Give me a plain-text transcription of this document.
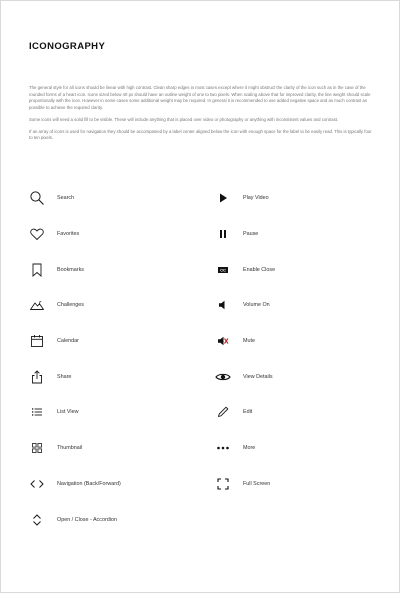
ICONOGRAPHY

The general style for all icons should be linear with high contrast. Clean sharp edges in most cases except where it might obstruct the clarity of the icon such as in the case of the rounded forms of a heart icon. Icons sized below 40 px should have an outline weight of one to two pixels. When scaling above that for improved clarity, the line weight should scale proportionally with the icon. However in some cases some additional weight may be required. In general it is recommended to use added negative space and as much contrast as possible to achieve the required clarity.

Some icons will need a solid fill to be visible. These will include anything that is placed over video or photography or anything with inconsistent values and contrast.

If an array of icons is used for navigation they should be accompanied by a label center aligned below the icon with enough space for the label to be easily read. This is typically four to ten pixels.

Search
Favorites
Bookmarks
Challenges
Calendar
Share
List View
Thumbnail
Navigation (Back/Forward)
Open / Close - Accordion
Play Video
Pause
CC	Enable Close
Volume On
Mute
View Details
Edit
More
Full Screen
